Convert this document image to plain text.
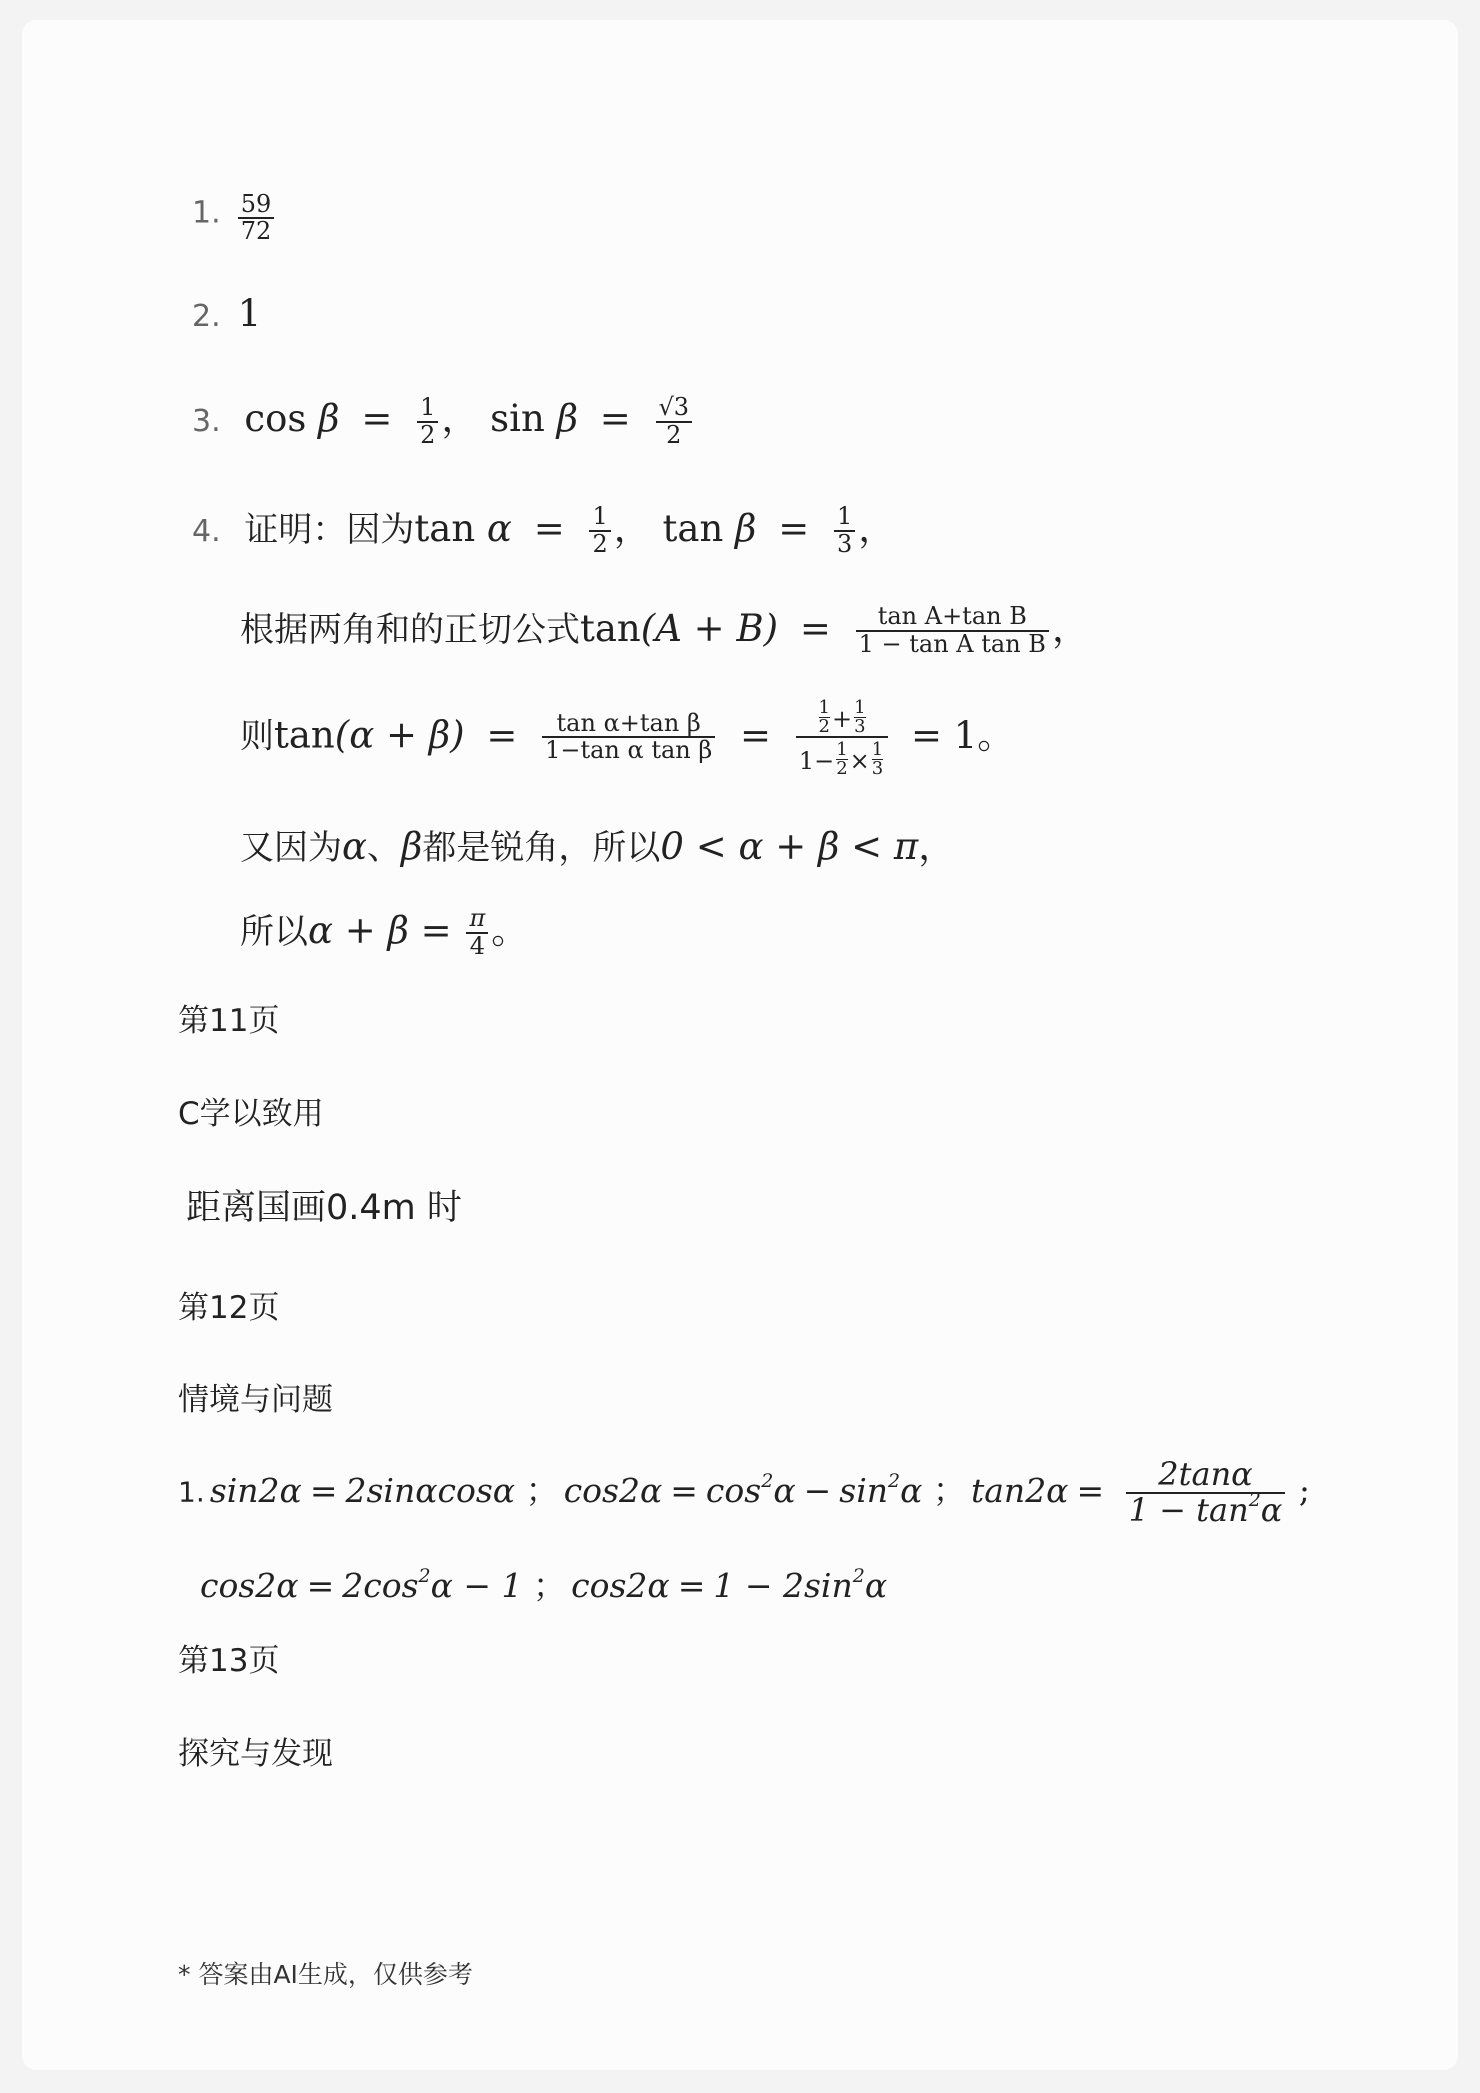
1. $\frac{59}{72}$
2. 1
3. $\cos \beta = \frac{1}{2}$ ， $\sin \beta = \frac{√3}{2}$
4. 证明：因为$\tan \alpha = \frac{1}{2}$ ， $\tan \beta = \frac{1}{3}$ ，
根据两角和的正切公式$\tan(A + B) = \frac{\text{tan A+tan B}}{\text{1 − tan A tan B}}$ ，
则$\tan(\alpha + \beta) = \frac{\text{tan α+tan β}}{\text{1−tan α tan β}} = \frac{\frac{1}{2} + \frac{1}{3}}{1- \frac{1}{2} \times \frac{1}{3}} = 1$。
又因为α、β都是锐角，所以0 < α + β < π，
所以$\alpha + \beta = \frac{\pi}{4}$ 。
第11页
C学以致用
距离国画0.4m 时
第12页
情境与问题
1. sin2α = 2sinαcosα ； $\cos 2\alpha = \cos^2\alpha - \sin^2\alpha$ ； $\tan 2\alpha = \frac{2\tan\alpha}{1 - \tan^2\alpha}$ ;
$\cos 2\alpha = 2\cos^2\alpha - 1$ ； $\cos 2\alpha = 1 - 2\sin^2\alpha$
第13页
探究与发现
* 答案由AI生成，仅供参考
